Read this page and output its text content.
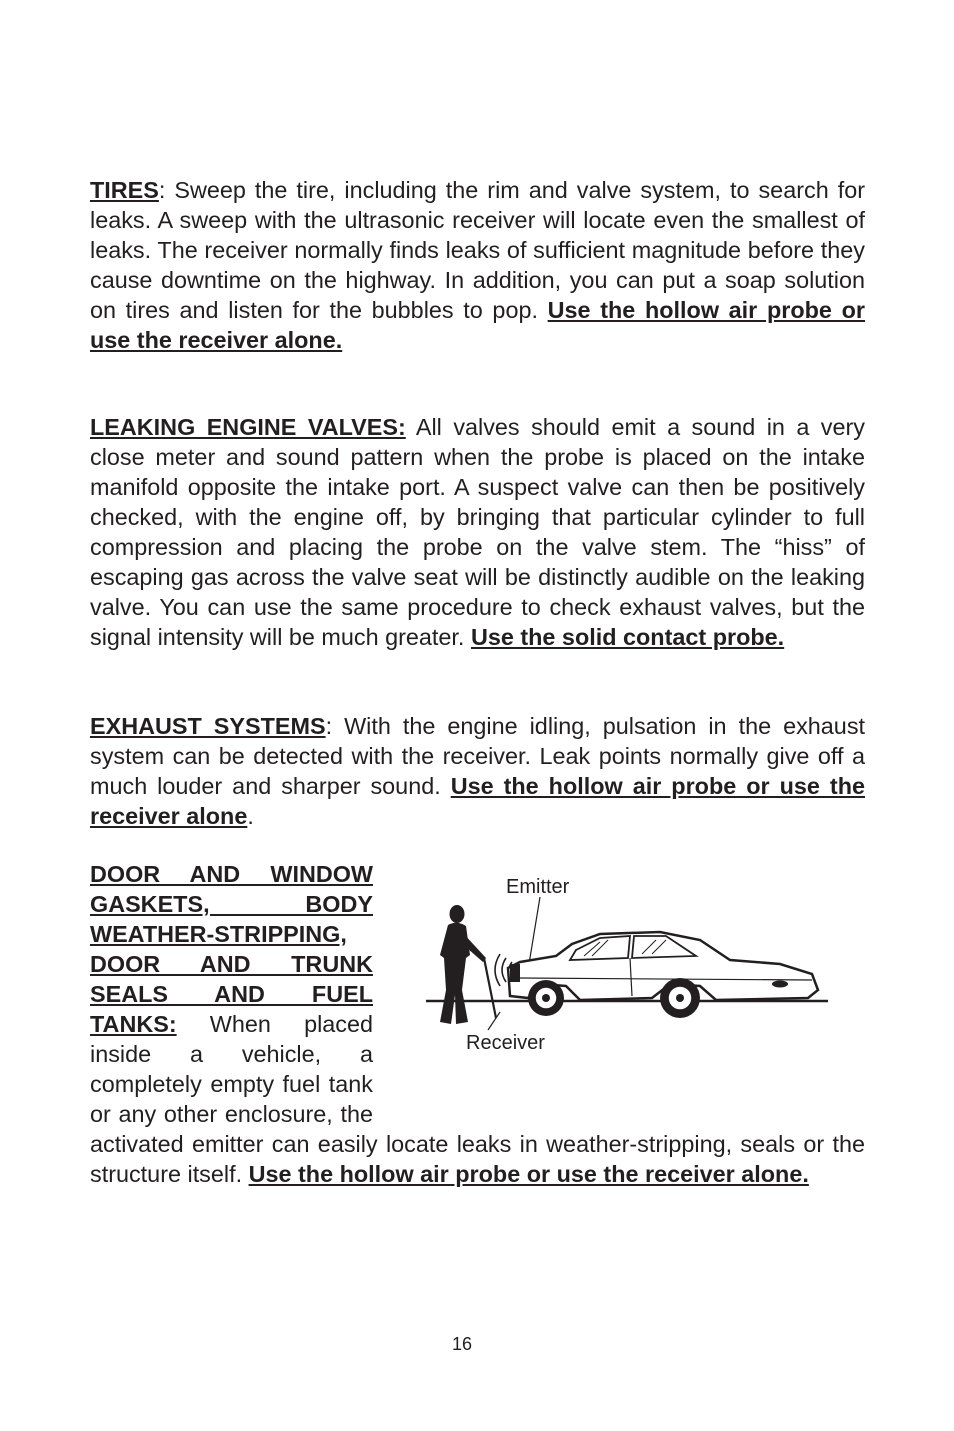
TIRES: Sweep the tire, including the rim and valve system, to search for leaks. A sweep with the ultrasonic receiver will locate even the smallest of leaks. The receiver normally finds leaks of sufficient magnitude before they cause downtime on the highway. In addition, you can put a soap solution on tires and listen for the bubbles to pop. Use the hollow air probe or use the receiver alone.

LEAKING ENGINE VALVES: All valves should emit a sound in a very close meter and sound pattern when the probe is placed on the intake manifold opposite the intake port. A suspect valve can then be positively checked, with the engine off, by bringing that particular cylinder to full compression and placing the probe on the valve stem. The “hiss” of escaping gas across the valve seat will be distinctly audible on the leaking valve. You can use the same procedure to check exhaust valves, but the signal intensity will be much greater. Use the solid contact probe.

EXHAUST SYSTEMS: With the engine idling, pulsation in the exhaust system can be detected with the receiver. Leak points normally give off a much louder and sharper sound. Use the hollow air probe or use the receiver alone.

DOOR AND WINDOW GASKETS, BODY WEATHER-STRIPPING, DOOR AND TRUNK SEALS AND FUEL TANKS: When placed inside a vehicle, a completely empty fuel tank or any other enclosure, the activated emitter can easily locate leaks in weather-stripping, seals or the structure itself. Use the hollow air probe or use the receiver alone.

Emitter
Receiver
16
